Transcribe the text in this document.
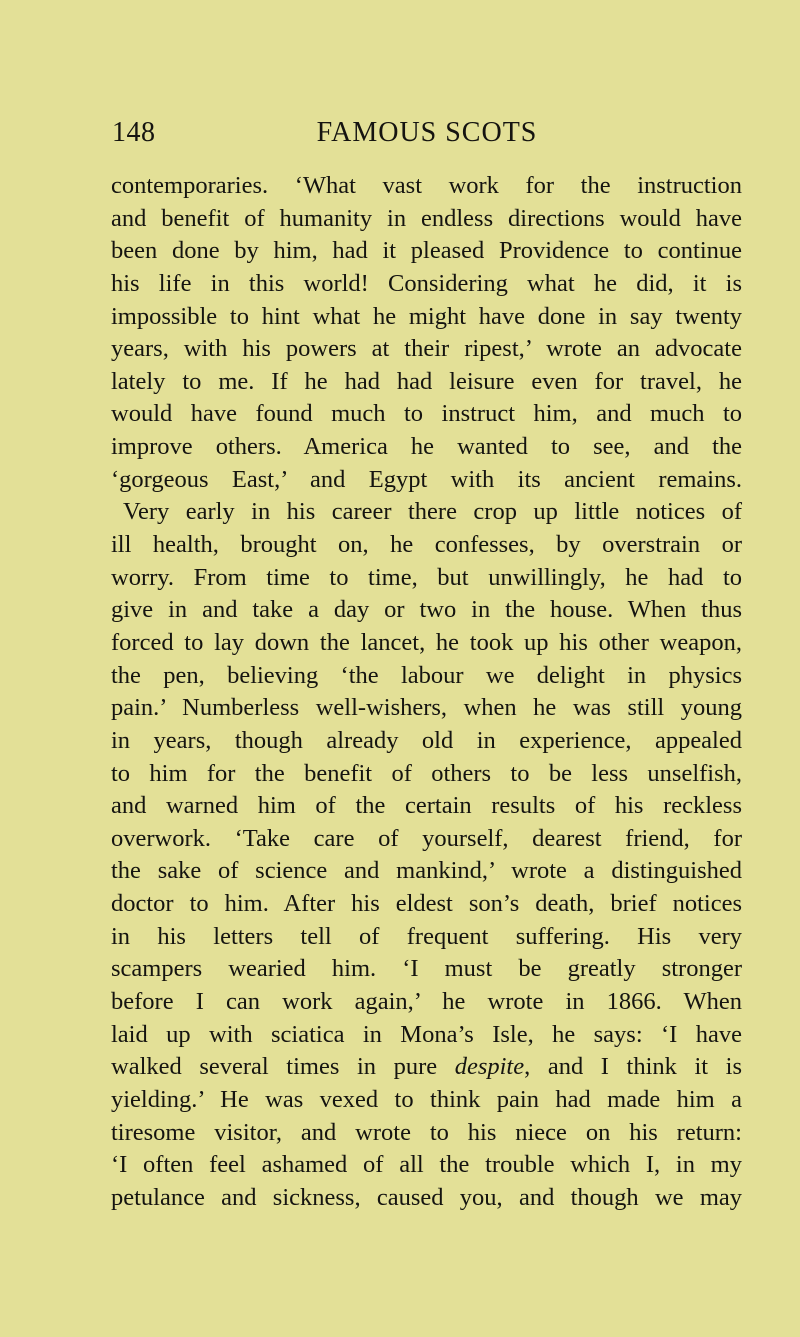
148	FAMOUS SCOTS
contemporaries. ‘What vast work for the instruction
and benefit of humanity in endless directions would have
been done by him, had it pleased Providence to continue
his life in this world! Considering what he did, it is
impossible to hint what he might have done in say twenty
years, with his powers at their ripest,’ wrote an advocate
lately to me. If he had had leisure even for travel, he
would have found much to instruct him, and much to
improve others. America he wanted to see, and the
‘gorgeous East,’ and Egypt with its ancient remains.
Very early in his career there crop up little notices of
ill health, brought on, he confesses, by overstrain or
worry. From time to time, but unwillingly, he had to
give in and take a day or two in the house. When thus
forced to lay down the lancet, he took up his other weapon,
the pen, believing ‘the labour we delight in physics
pain.’ Numberless well-wishers, when he was still young
in years, though already old in experience, appealed
to him for the benefit of others to be less unselfish,
and warned him of the certain results of his reckless
overwork. ‘Take care of yourself, dearest friend, for
the sake of science and mankind,’ wrote a distinguished
doctor to him. After his eldest son’s death, brief notices
in his letters tell of frequent suffering. His very
scampers wearied him. ‘I must be greatly stronger
before I can work again,’ he wrote in 1866. When
laid up with sciatica in Mona’s Isle, he says: ‘I have
walked several times in pure despite, and I think it is
yielding.’ He was vexed to think pain had made him a
tiresome visitor, and wrote to his niece on his return:
‘I often feel ashamed of all the trouble which I, in my
petulance and sickness, caused you, and though we may
